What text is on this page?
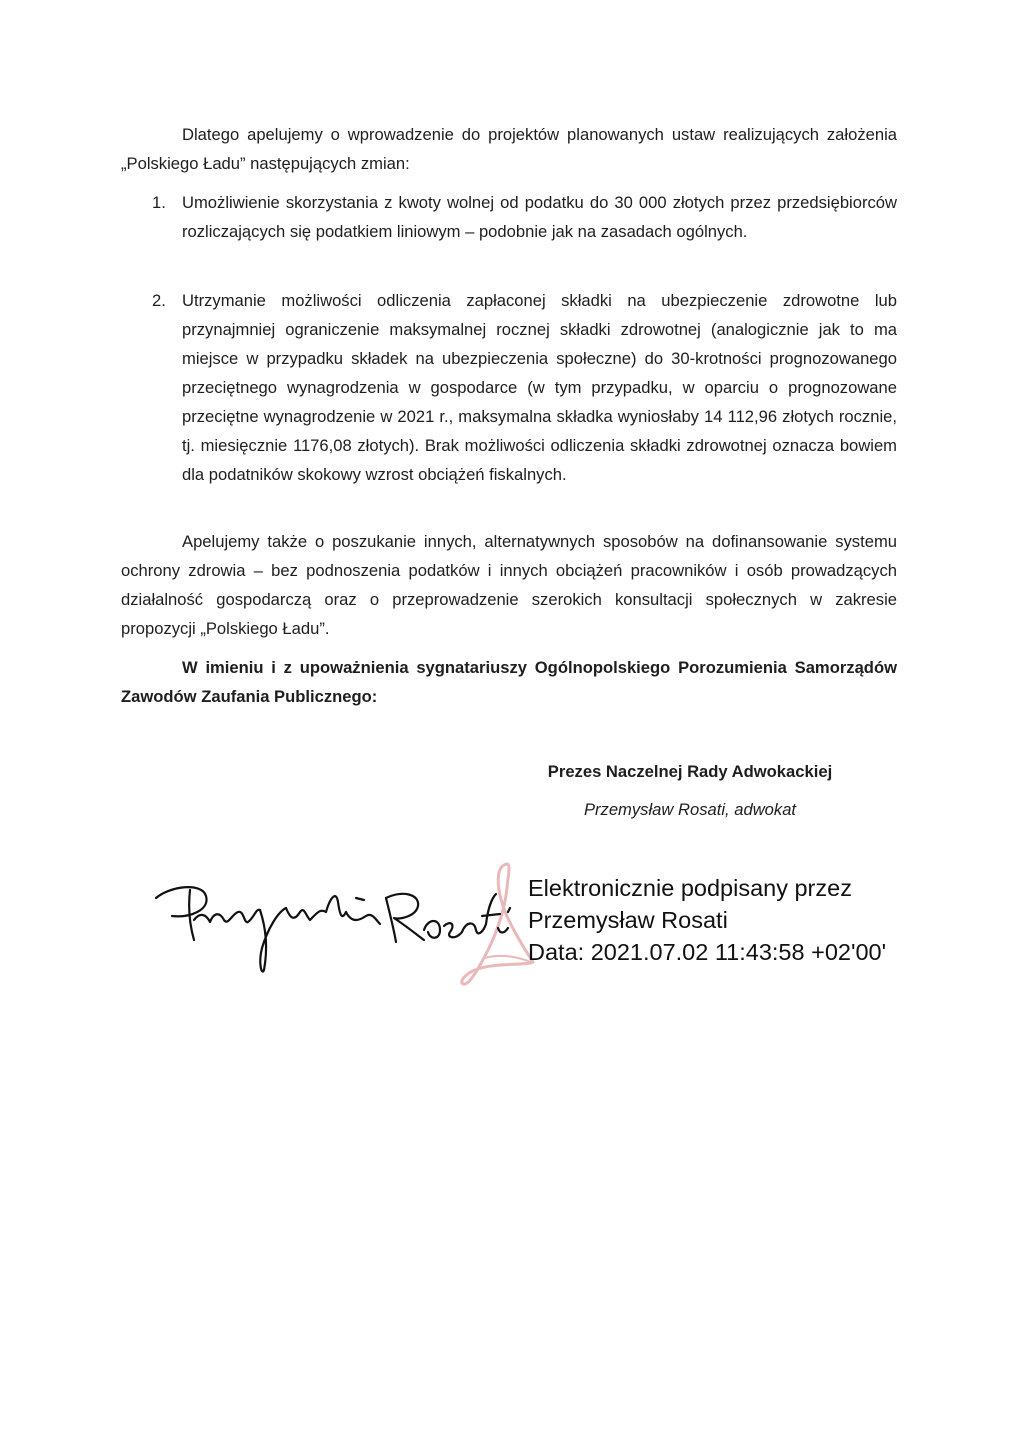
Dlatego apelujemy o wprowadzenie do projektów planowanych ustaw realizujących założenia „Polskiego Ładu” następujących zmian:

1. Umożliwienie skorzystania z kwoty wolnej od podatku do 30 000 złotych przez przedsiębiorców rozliczających się podatkiem liniowym – podobnie jak na zasadach ogólnych.
2. Utrzymanie możliwości odliczenia zapłaconej składki na ubezpieczenie zdrowotne lub przynajmniej ograniczenie maksymalnej rocznej składki zdrowotnej (analogicznie jak to ma miejsce w przypadku składek na ubezpieczenia społeczne) do 30-krotności prognozowanego przeciętnego wynagrodzenia w gospodarce (w tym przypadku, w oparciu o prognozowane przeciętne wynagrodzenie w 2021 r., maksymalna składka wyniosłaby 14 112,96 złotych rocznie, tj. miesięcznie 1176,08 złotych). Brak możliwości odliczenia składki zdrowotnej oznacza bowiem dla podatników skokowy wzrost obciążeń fiskalnych.

Apelujemy także o poszukanie innych, alternatywnych sposobów na dofinansowanie systemu ochrony zdrowia – bez podnoszenia podatków i innych obciążeń pracowników i osób prowadzących działalność gospodarczą oraz o przeprowadzenie szerokich konsultacji społecznych w zakresie propozycji „Polskiego Ładu”.

W imieniu i z upoważnienia sygnatariuszy Ogólnopolskiego Porozumienia Samorządów Zawodów Zaufania Publicznego:

Prezes Naczelnej Rady Adwokackiej
Przemysław Rosati, adwokat
Elektronicznie podpisany przez
Przemysław Rosati
Data: 2021.07.02 11:43:58 +02'00'
